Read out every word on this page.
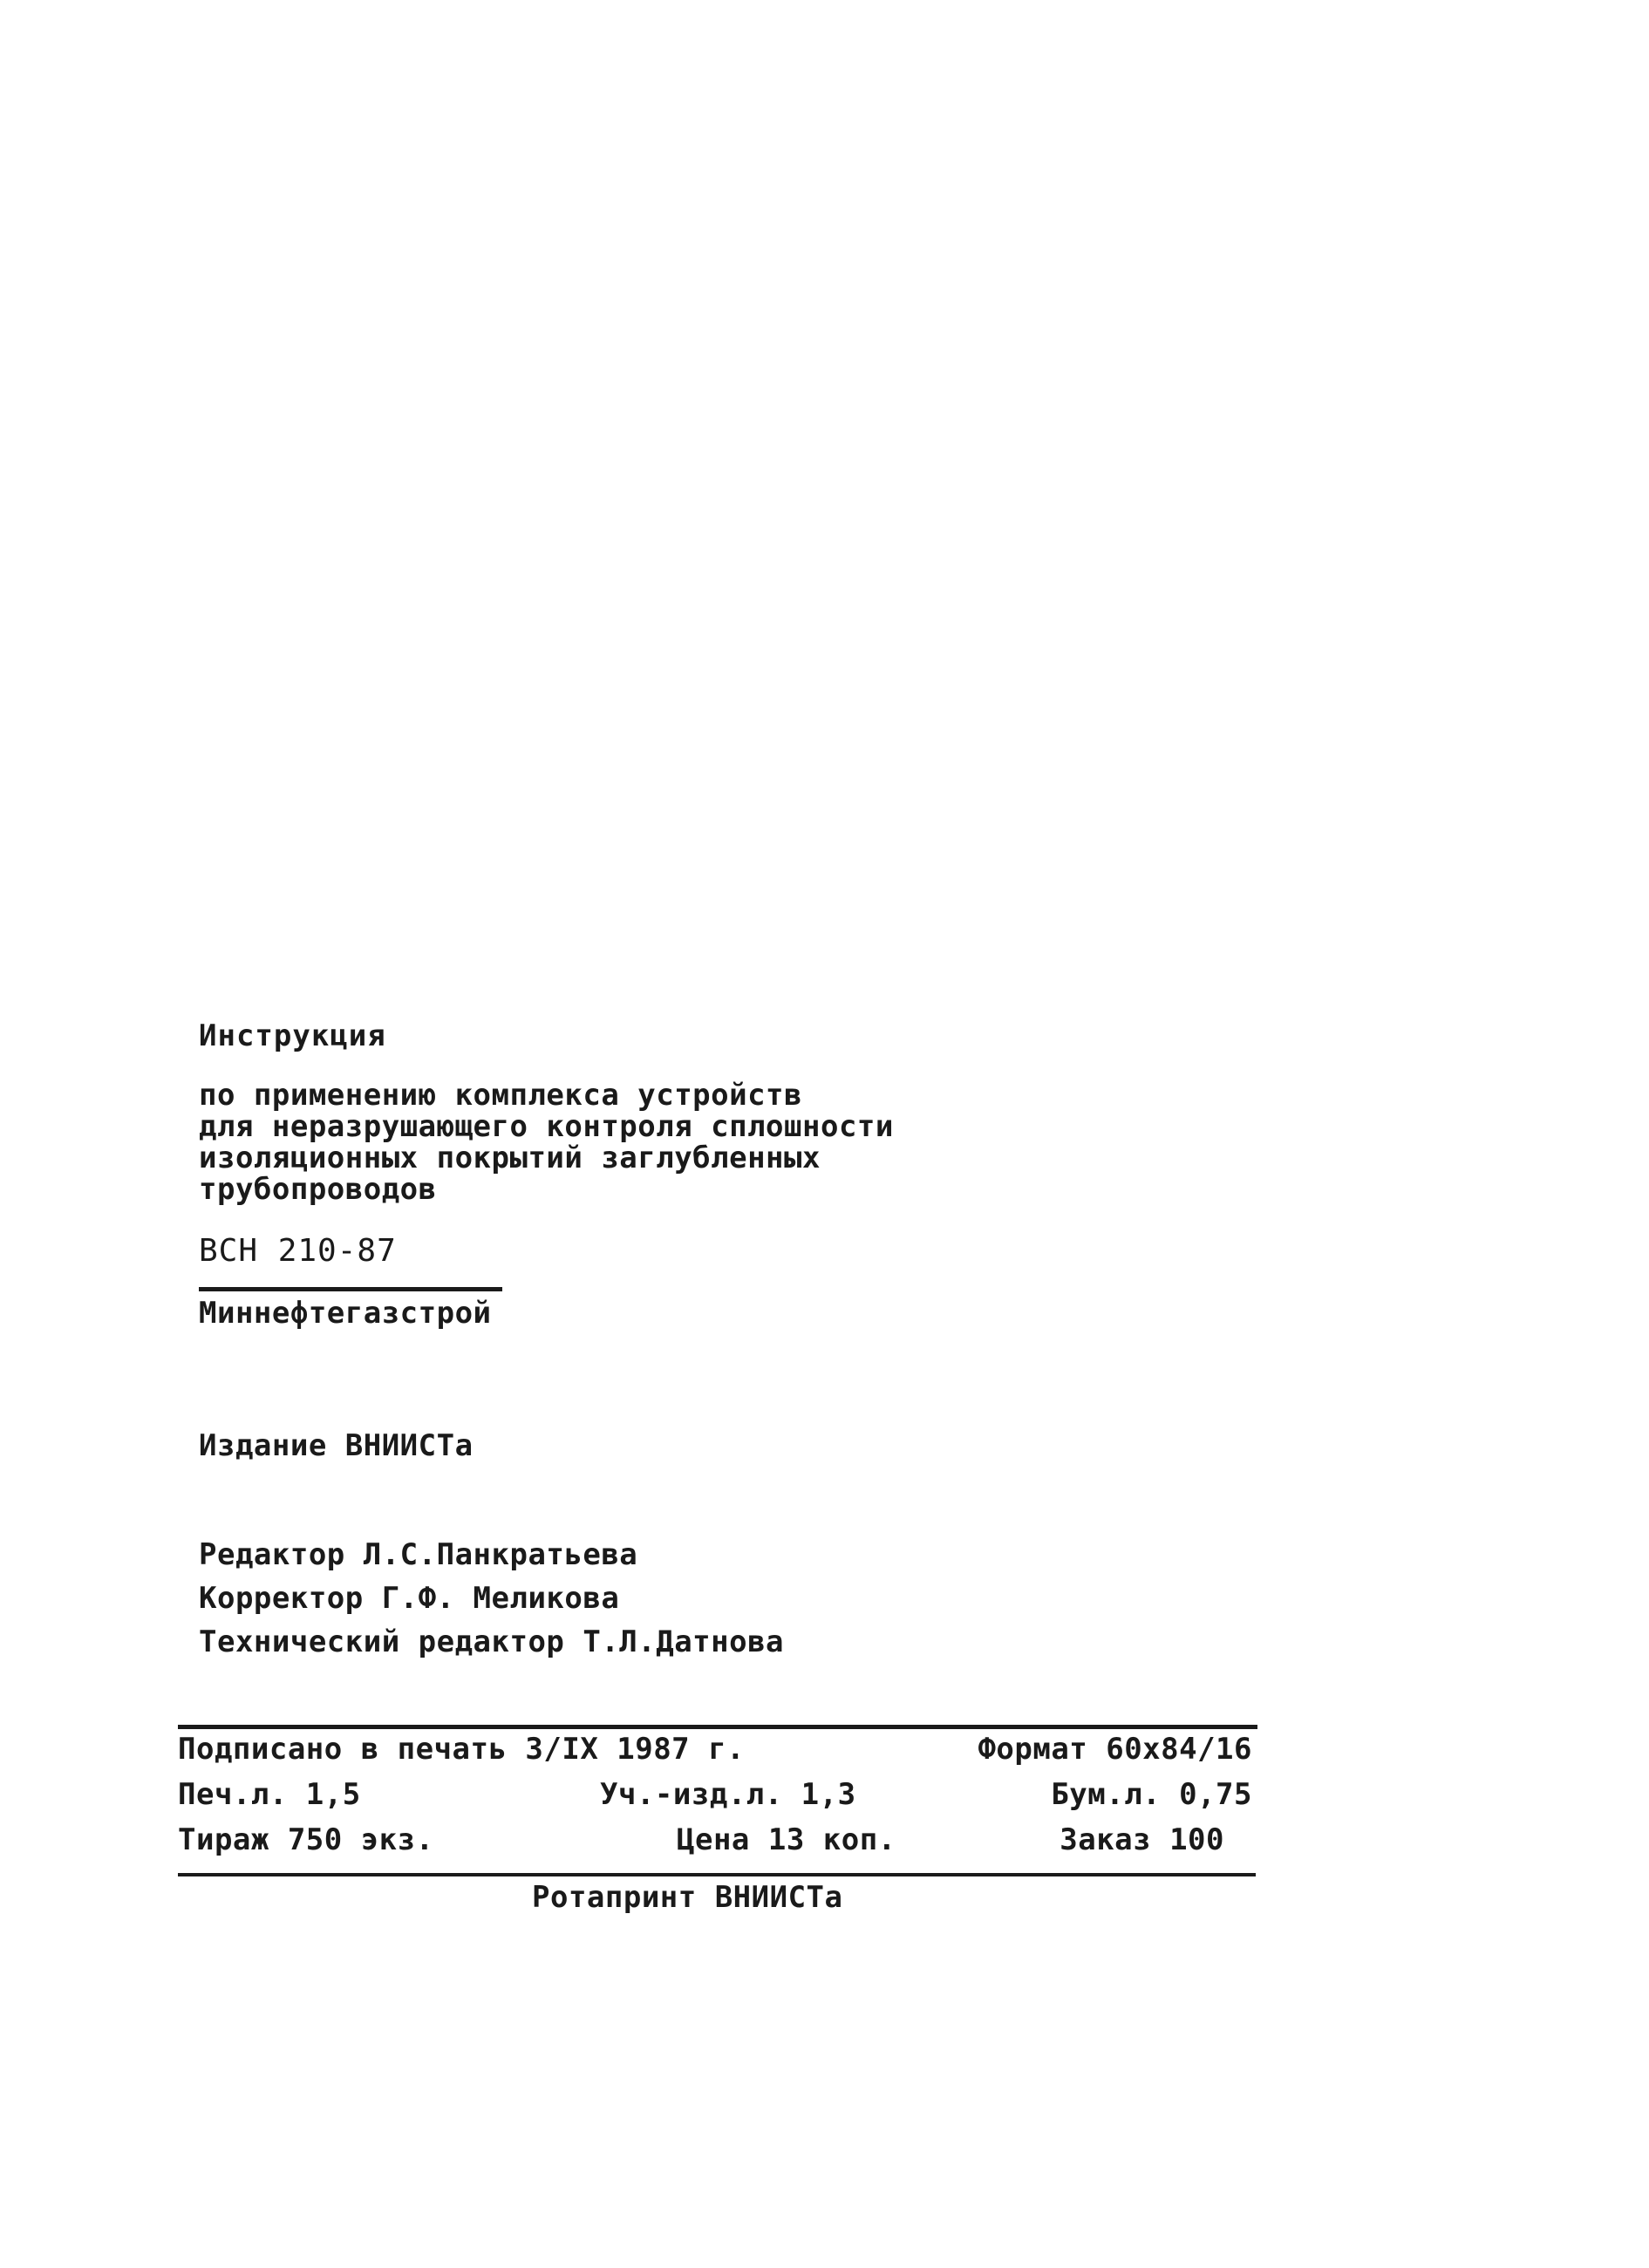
Инструкция
по применению комплекса устройств
для неразрушающего контроля сплошности
изоляционных покрытий заглубленных
трубопроводов
ВСН 210-87
Миннефтегазстрой
Издание ВНИИСТа
Редактор Л.С.Панкратьева
Корректор Г.Ф. Меликова
Технический редактор Т.Л.Датнова
Подписано в печать 3/IX 1987 г.	Формат 60x84/16
Печ.л. 1,5	Уч.-изд.л. 1,3	Бум.л. 0,75
Тираж 750 экз.	Цена 13 коп.	Заказ 100
Ротапринт ВНИИСТа
